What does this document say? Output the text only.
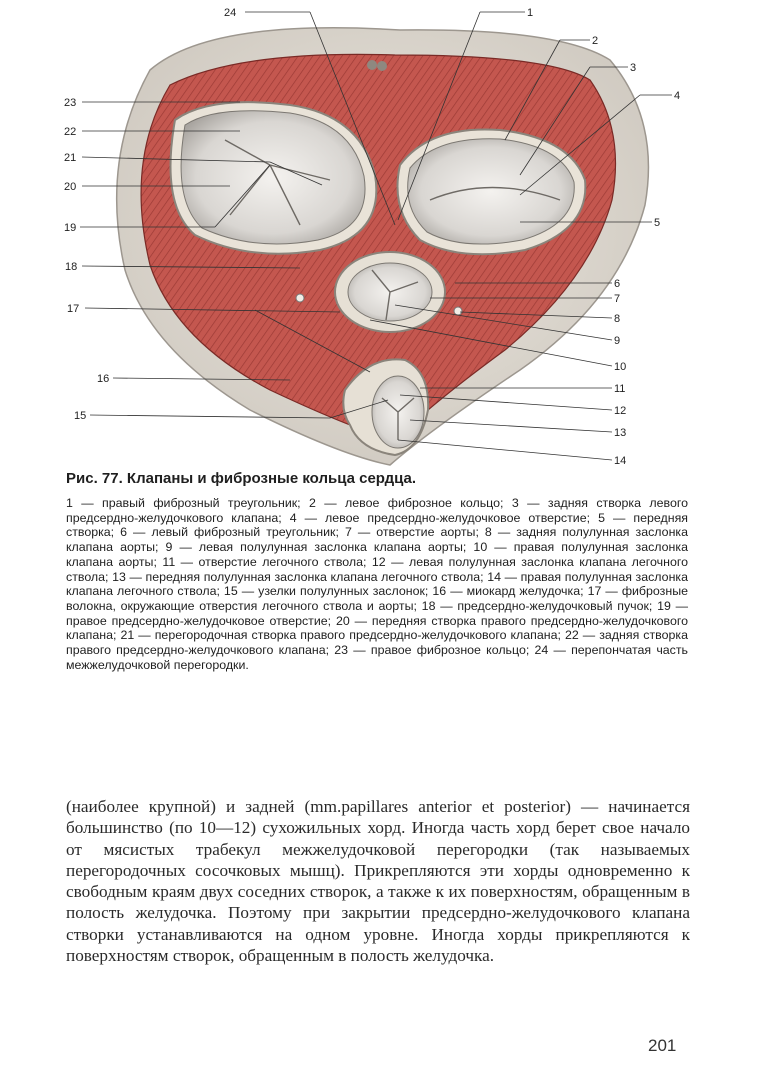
1
2
3
4
5
6
7
8
9
10
11
12
13
14
15
16
17
18
19
20
21
22
23
24
Рис. 77. Клапаны и фиброзные кольца сердца.
1 — правый фиброзный треугольник; 2 — левое фиброзное кольцо; 3 — задняя створка левого предсердно-желудочкового клапана; 4 — левое предсердно-желудочковое отверстие; 5 — передняя створка; 6 — левый фиброзный треугольник; 7 — отверстие аорты; 8 — задняя полулунная заслонка клапана аорты; 9 — левая полулунная заслонка клапана аорты; 10 — правая полулунная заслонка клапана аорты; 11 — отверстие легочного ствола; 12 — левая полулунная заслонка клапана легочного ствола; 13 — передняя полулунная заслонка клапана легочного ствола; 14 — правая полулунная заслонка клапана легочного ствола; 15 — узелки полулунных заслонок; 16 — миокард желудочка; 17 — фиброзные волокна, окружающие отверстия легочного ствола и аорты; 18 — предсердно-желудочковый пучок; 19 — правое предсердно-желудочковое отверстие; 20 — передняя створка правого предсердно-желудочкового клапана; 21 — перегородочная створка правого предсердно-желудочкового клапана; 22 — задняя створка правого предсердно-желудочкового клапана; 23 — правое фиброзное кольцо; 24 — перепончатая часть межжелудочковой перегородки.
(наиболее крупной) и задней (mm.papillares anterior et posterior) — начинается большинство (по 10—12) сухожильных хорд. Иногда часть хорд берет свое начало от мясистых трабекул межжелудочковой перегородки (так называемых перегородочных сосочковых мышц). Прикрепляются эти хорды одновременно к свободным краям двух соседних створок, а также к их поверхностям, обращенным в полость желудочка. Поэтому при закрытии предсердно-желудочкового клапана створки устанавливаются на одном уровне. Иногда хорды прикрепляются к поверхностям створок, обращенным в полость желудочка.
201
